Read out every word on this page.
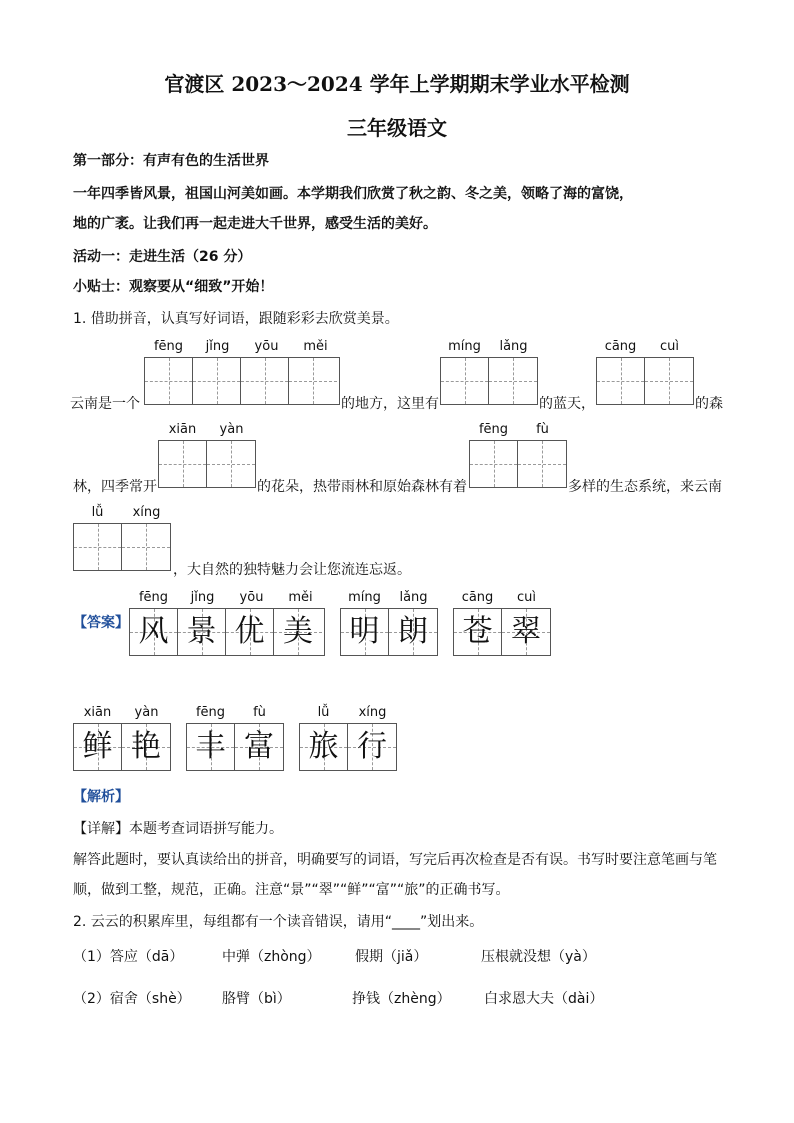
官渡区 2023～2024 学年上学期期末学业水平检测
三年级语文
第一部分：有声有色的生活世界
一年四季皆风景，祖国山河美如画。本学期我们欣赏了秋之韵、冬之美，领略了海的富饶，
地的广袤。让我们再一起走进大千世界，感受生活的美好。
活动一：走进生活（26 分）
小贴士：观察要从“细致”开始！
1. 借助拼音，认真写好词语，跟随彩彩去欣赏美景。
fēng	jǐng	yōu	měi	míng	lǎng	cāng	cuì
云南是一个	的地方，这里有	的蓝天，	的森
xiān	yàn	fēng	fù
林，四季常开	的花朵，热带雨林和原始森林有着	多样的生态系统，来云南
lǚ	xíng
，大自然的独特魅力会让您流连忘返。
【答案】
fēng	jǐng	yōu	měi
风 景 优 美
míng	lǎng
明 朗
cāng	cuì
苍 翠
xiān	yàn
鲜 艳
fēng	fù
丰 富
lǚ	xíng
旅 行
【解析】
【详解】本题考查词语拼写能力。
解答此题时，要认真读给出的拼音，明确要写的词语，写完后再次检查是否有误。书写时要注意笔画与笔
顺，做到工整，规范，正确。注意“景”“翠”“鲜”“富”“旅”的正确书写。
2. 云云的积累库里，每组都有一个读音错误，请用“____”划出来。
（1）答应（dā）	中弹（zhòng） 假期（jiǎ）	压根就没想（yà）
（2）宿舍（shè） 胳臂（bì）	挣钱（zhèng） 白求恩大夫（dài）
